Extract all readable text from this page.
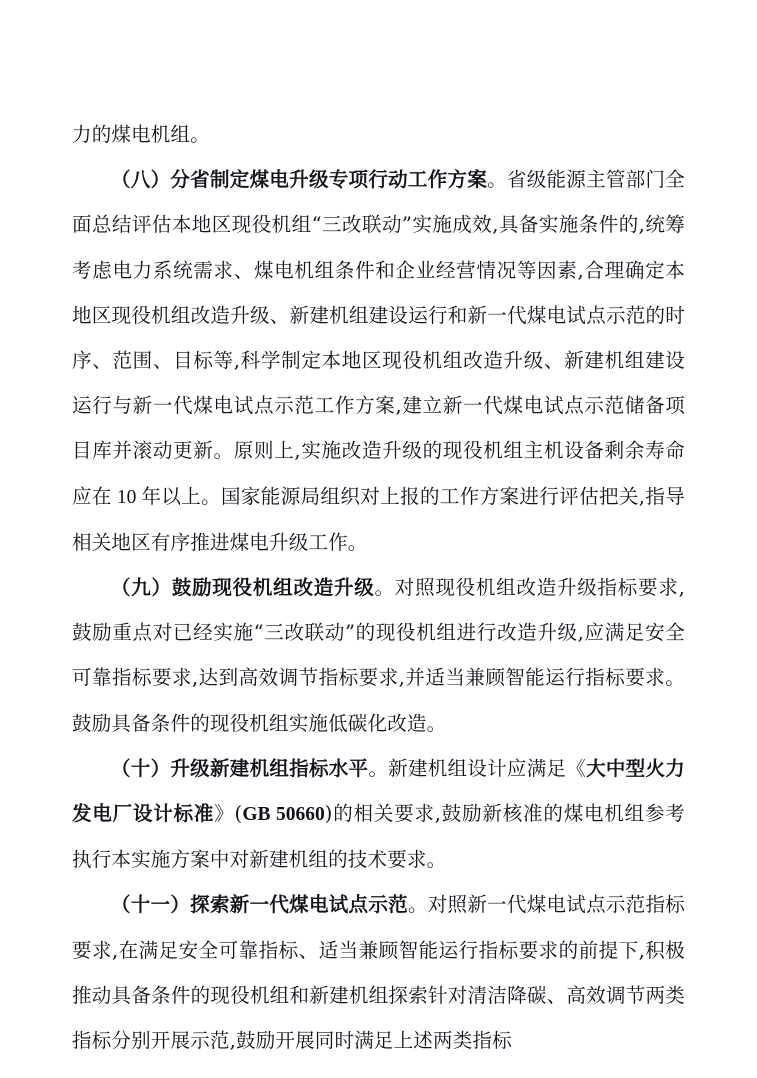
力的煤电机组。

（八）分省制定煤电升级专项行动工作方案。省级能源主管部门全面总结评估本地区现役机组“三改联动”实施成效,具备实施条件的,统筹考虑电力系统需求、煤电机组条件和企业经营情况等因素,合理确定本地区现役机组改造升级、新建机组建设运行和新一代煤电试点示范的时序、范围、目标等,科学制定本地区现役机组改造升级、新建机组建设运行与新一代煤电试点示范工作方案,建立新一代煤电试点示范储备项目库并滚动更新。原则上,实施改造升级的现役机组主机设备剩余寿命应在 10 年以上。国家能源局组织对上报的工作方案进行评估把关,指导相关地区有序推进煤电升级工作。

（九）鼓励现役机组改造升级。对照现役机组改造升级指标要求,鼓励重点对已经实施“三改联动”的现役机组进行改造升级,应满足安全可靠指标要求,达到高效调节指标要求,并适当兼顾智能运行指标要求。鼓励具备条件的现役机组实施低碳化改造。

（十）升级新建机组指标水平。新建机组设计应满足《大中型火力发电厂设计标准》(GB 50660)的相关要求,鼓励新核准的煤电机组参考执行本实施方案中对新建机组的技术要求。

（十一）探索新一代煤电试点示范。对照新一代煤电试点示范指标要求,在满足安全可靠指标、适当兼顾智能运行指标要求的前提下,积极推动具备条件的现役机组和新建机组探索针对清洁降碳、高效调节两类指标分别开展示范,鼓励开展同时满足上述两类指标
